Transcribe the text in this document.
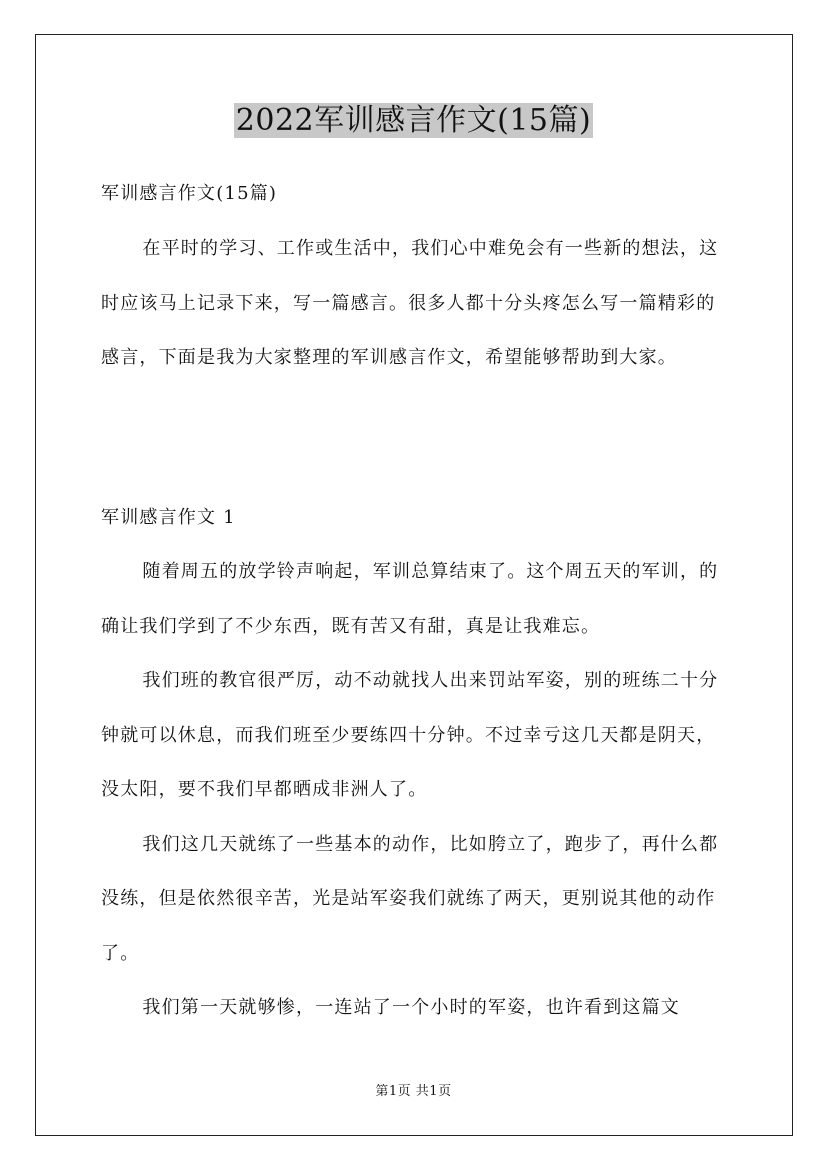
2022军训感言作文(15篇)
军训感言作文(15篇)

在平时的学习、工作或生活中，我们心中难免会有一些新的想法，这时应该马上记录下来，写一篇感言。很多人都十分头疼怎么写一篇精彩的感言，下面是我为大家整理的军训感言作文，希望能够帮助到大家。

军训感言作文 1

随着周五的放学铃声响起，军训总算结束了。这个周五天的军训，的确让我们学到了不少东西，既有苦又有甜，真是让我难忘。

我们班的教官很严厉，动不动就找人出来罚站军姿，别的班练二十分钟就可以休息，而我们班至少要练四十分钟。不过幸亏这几天都是阴天，没太阳，要不我们早都晒成非洲人了。

我们这几天就练了一些基本的动作，比如胯立了，跑步了，再什么都没练，但是依然很辛苦，光是站军姿我们就练了两天，更别说其他的动作了。

我们第一天就够惨，一连站了一个小时的军姿，也许看到这篇文

第1页 共1页
